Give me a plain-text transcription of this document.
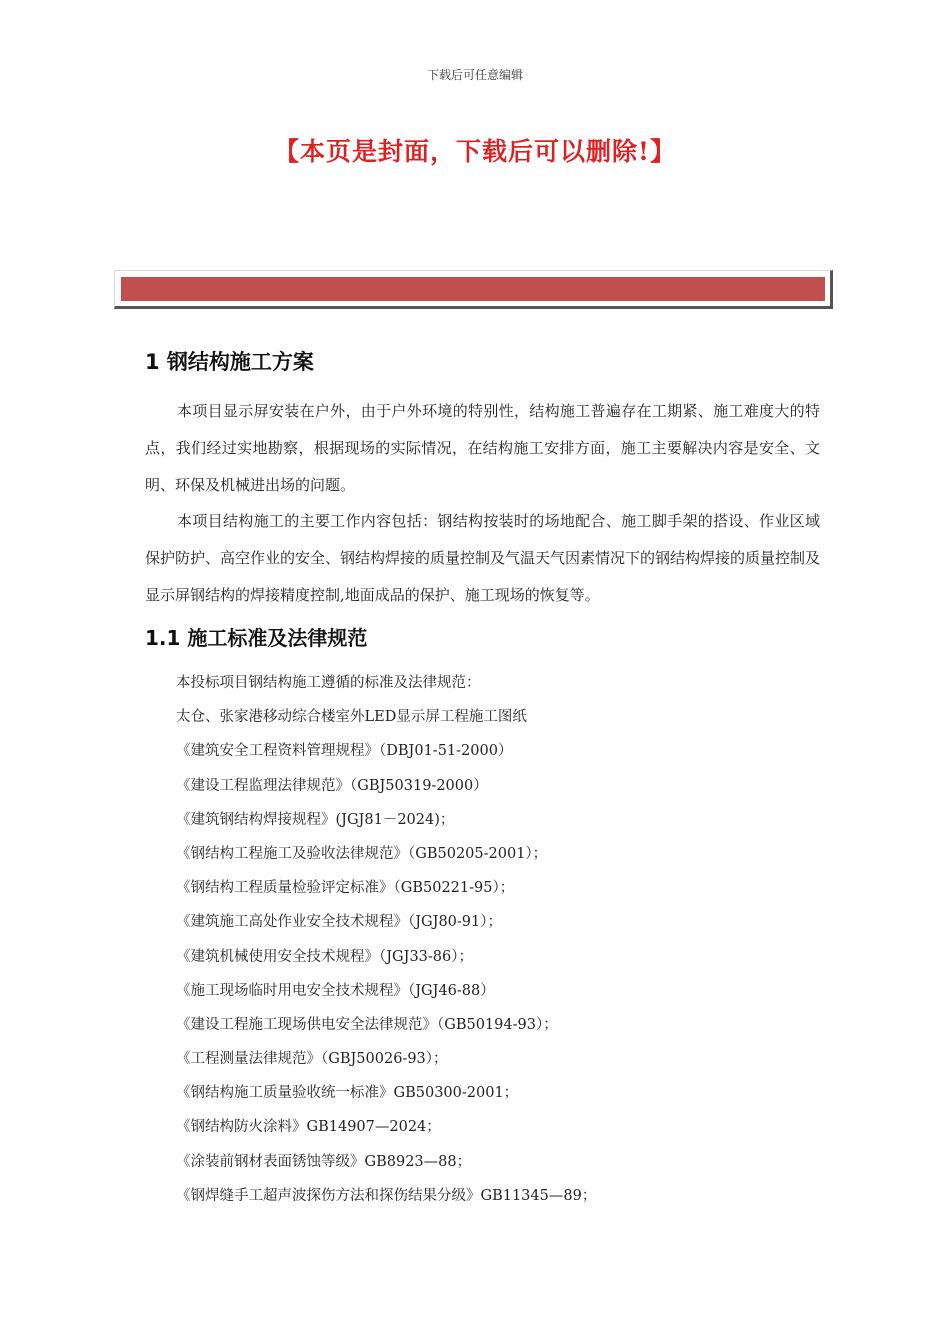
下载后可任意编辑
【本页是封面，下载后可以删除!】
1 钢结构施工方案
本项目显示屏安装在户外，由于户外环境的特别性，结构施工普遍存在工期紧、施工难度大的特点，我们经过实地勘察，根据现场的实际情况，在结构施工安排方面，施工主要解决内容是安全、文明、环保及机械进出场的问题。
本项目结构施工的主要工作内容包括：钢结构按装时的场地配合、施工脚手架的搭设、作业区域保护防护、高空作业的安全、钢结构焊接的质量控制及气温天气因素情况下的钢结构焊接的质量控制及显示屏钢结构的焊接精度控制,地面成品的保护、施工现场的恢复等。
1.1 施工标准及法律规范
本投标项目钢结构施工遵循的标准及法律规范：
太仓、张家港移动综合楼室外LED显示屏工程施工图纸
《建筑安全工程资料管理规程》（DBJ01-51-2000）
《建设工程监理法律规范》（GBJ50319-2000）
《建筑钢结构焊接规程》(JGJ81－2024)；
《钢结构工程施工及验收法律规范》（GB50205-2001）；
《钢结构工程质量检验评定标准》（GB50221-95）；
《建筑施工高处作业安全技术规程》（JGJ80-91）；
《建筑机械使用安全技术规程》（JGJ33-86）；
《施工现场临时用电安全技术规程》（JGJ46-88）
《建设工程施工现场供电安全法律规范》（GB50194-93）；
《工程测量法律规范》（GBJ50026-93）；
《钢结构施工质量验收统一标准》GB50300-2001；
《钢结构防火涂料》GB14907—2024；
《涂装前钢材表面锈蚀等级》GB8923—88；
《钢焊缝手工超声波探伤方法和探伤结果分级》GB11345—89；
